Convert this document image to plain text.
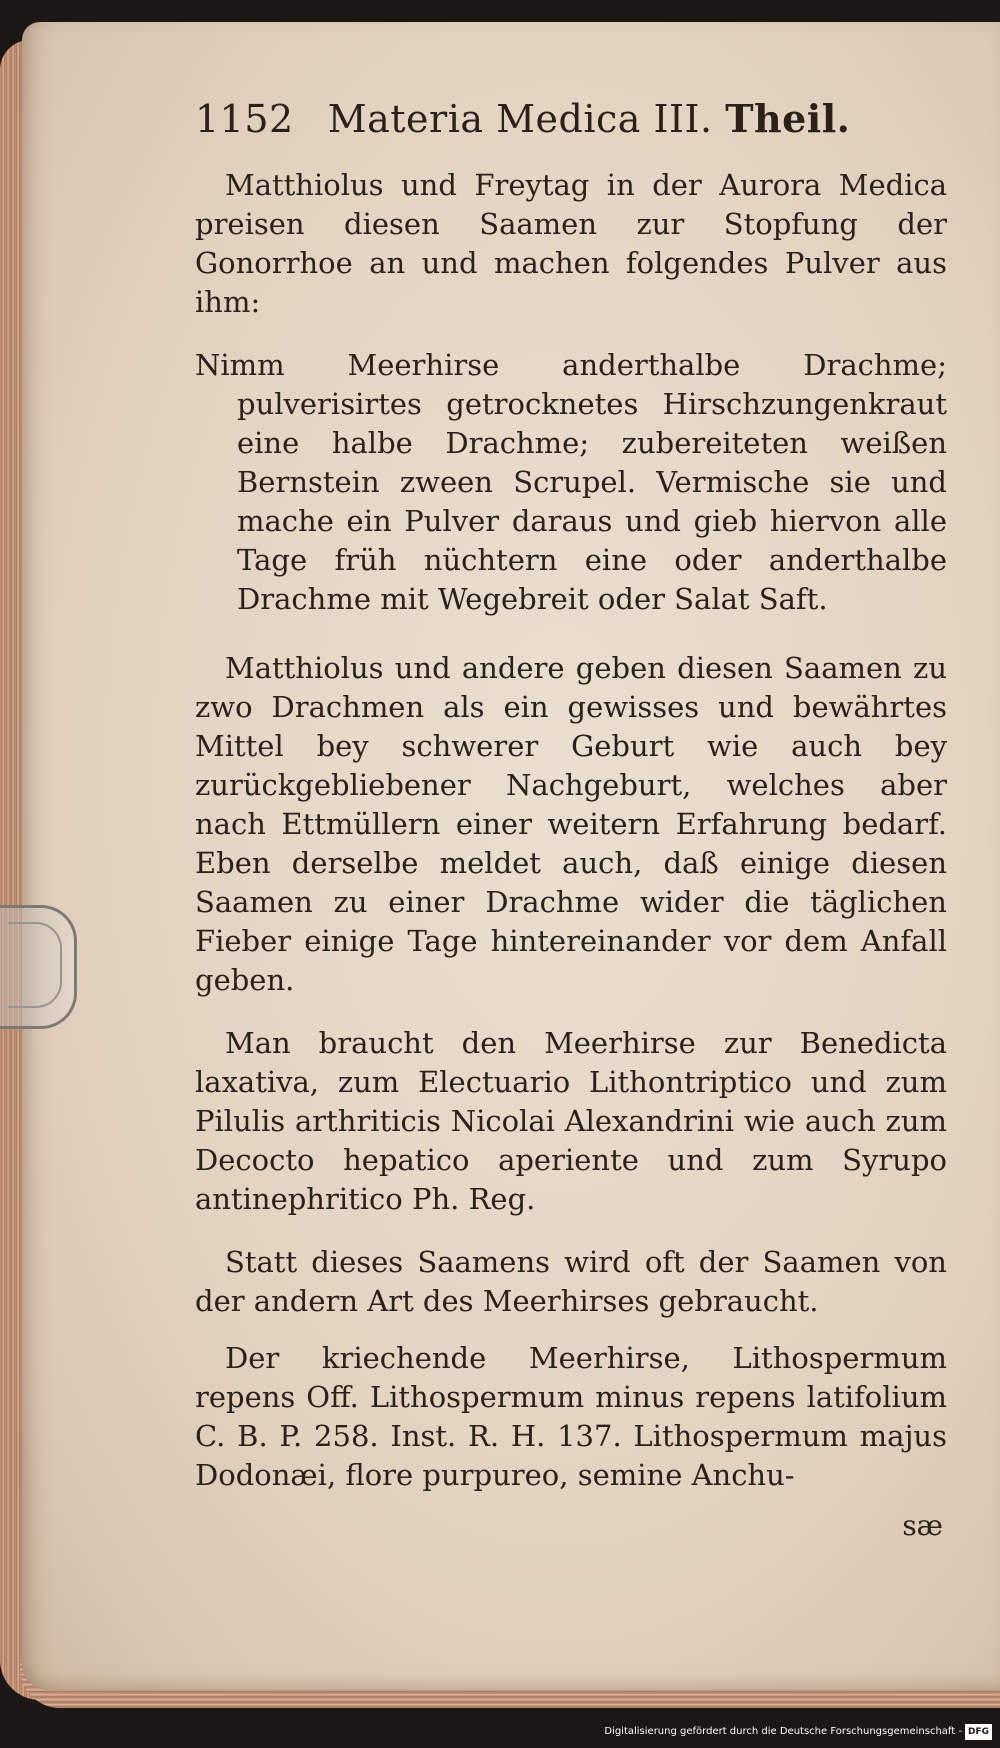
1152 Materia Medica III. Theil.

Matthiolus und Freytag in der Aurora Medica preisen diesen Saamen zur Stopfung der Gonorrhoe an und machen folgendes Pulver aus ihm:

Nimm Meerhirse anderthalbe Drachme; pulverisirtes getrocknetes Hirschzungenkraut eine halbe Drachme; zubereiteten weißen Bernstein zween Scrupel. Vermische sie und mache ein Pulver daraus und gieb hiervon alle Tage früh nüchtern eine oder anderthalbe Drachme mit Wegebreit oder Salat Saft.

Matthiolus und andere geben diesen Saamen zu zwo Drachmen als ein gewisses und bewährtes Mittel bey schwerer Geburt wie auch bey zurückgebliebener Nachgeburt, welches aber nach Ettmüllern einer weitern Erfahrung bedarf. Eben derselbe meldet auch, daß einige diesen Saamen zu einer Drachme wider die täglichen Fieber einige Tage hintereinander vor dem Anfall geben.

Man braucht den Meerhirse zur Benedicta laxativa, zum Electuario Lithontriptico und zum Pilulis arthriticis Nicolai Alexandrini wie auch zum Decocto hepatico aperiente und zum Syrupo antinephritico Ph. Reg.

Statt dieses Saamens wird oft der Saamen von der andern Art des Meerhirses gebraucht.

Der kriechende Meerhirse, Lithospermum repens Off. Lithospermum minus repens latifolium C. B. P. 258. Inst. R. H. 137. Lithospermum majus Dodonæi, flore purpureo, semine Anchu-

sæ
Digitalisierung gefördert durch die Deutsche Forschungsgemeinschaft - DFG
